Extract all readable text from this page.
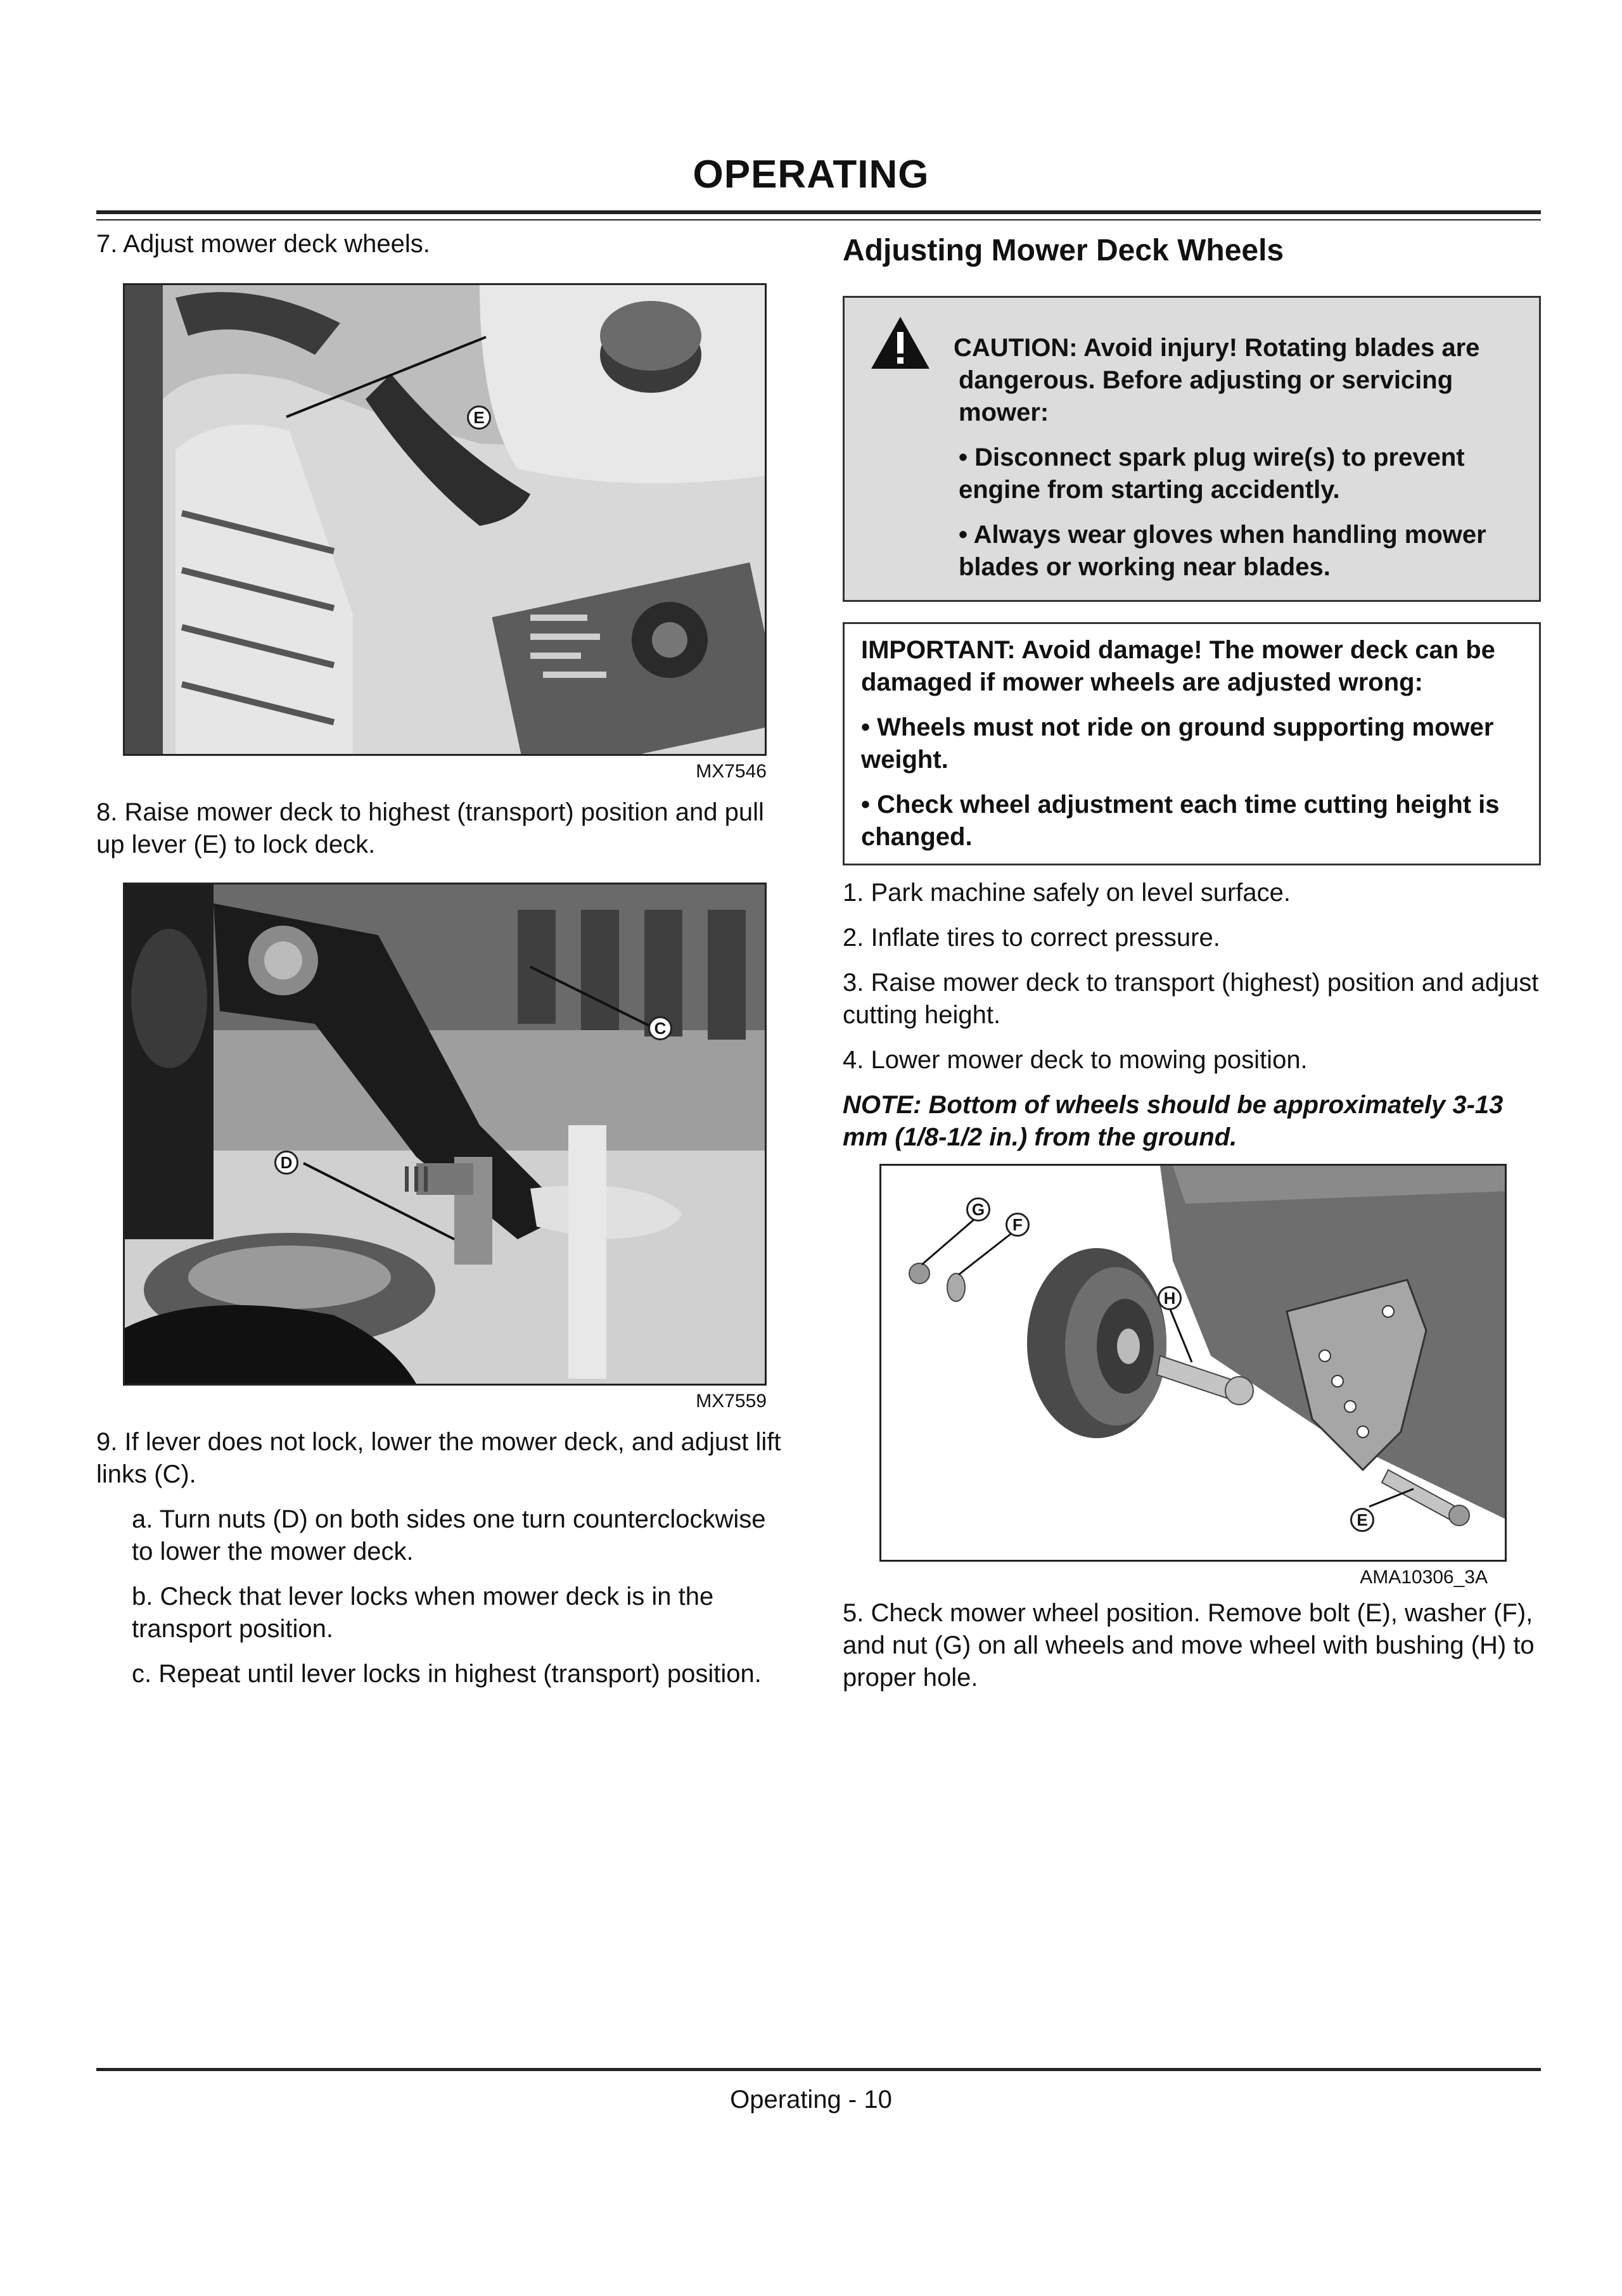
OPERATING

7. Adjust mower deck wheels.

E
MX7546

8. Raise mower deck to highest (transport) position and pull up lever (E) to lock deck.

C
D
MX7559

9. If lever does not lock, lower the mower deck, and adjust lift links (C).

a. Turn nuts (D) on both sides one turn counterclockwise to lower the mower deck.

b. Check that lever locks when mower deck is in the transport position.

c. Repeat until lever locks in highest (transport) position.

Adjusting Mower Deck Wheels

CAUTION: Avoid injury! Rotating blades are dangerous. Before adjusting or servicing mower:

• Disconnect spark plug wire(s) to prevent engine from starting accidently.

• Always wear gloves when handling mower blades or working near blades.

IMPORTANT: Avoid damage! The mower deck can be damaged if mower wheels are adjusted wrong:

• Wheels must not ride on ground supporting mower weight.

• Check wheel adjustment each time cutting height is changed.

1. Park machine safely on level surface.

2. Inflate tires to correct pressure.

3. Raise mower deck to transport (highest) position and adjust cutting height.

4. Lower mower deck to mowing position.

NOTE: Bottom of wheels should be approximately 3-13 mm (1/8-1/2 in.) from the ground.

G
F
H
E
AMA10306_3A

5. Check mower wheel position. Remove bolt (E), washer (F), and nut (G) on all wheels and move wheel with bushing (H) to proper hole.

Operating - 10
